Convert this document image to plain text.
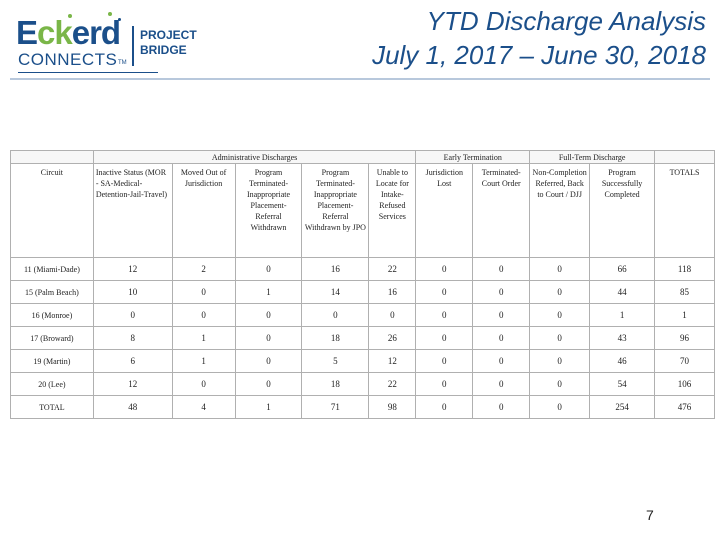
Eckerd
CONNECTS TM
PROJECT
BRIDGE
YTD Discharge Analysis
July 1, 2017 – June 30, 2018
	Administrative Discharges					Early Termination		Full-Term Discharge		
Circuit	Inactive Status (MOR - SA-Medical-Detention-Jail-Travel)	Moved Out of Jurisdiction	Program Terminated-Inappropriate Placement-Referral Withdrawn	Program Terminated-Inappropriate Placement-Referral Withdrawn by JPO	Unable to Locate for Intake-Refused Services	Jurisdiction Lost	Terminated-Court Order	Non-Completion Referred, Back to Court / DJJ	Program Successfully Completed	TOTALS
11 (Miami-Dade)	12	2	0	16	22	0	0	0	66	118
15 (Palm Beach)	10	0	1	14	16	0	0	0	44	85
16 (Monroe)	0	0	0	0	0	0	0	0	1	1
17 (Broward)	8	1	0	18	26	0	0	0	43	96
19 (Martin)	6	1	0	5	12	0	0	0	46	70
20 (Lee)	12	0	0	18	22	0	0	0	54	106
TOTAL	48	4	1	71	98	0	0	0	254	476
7
